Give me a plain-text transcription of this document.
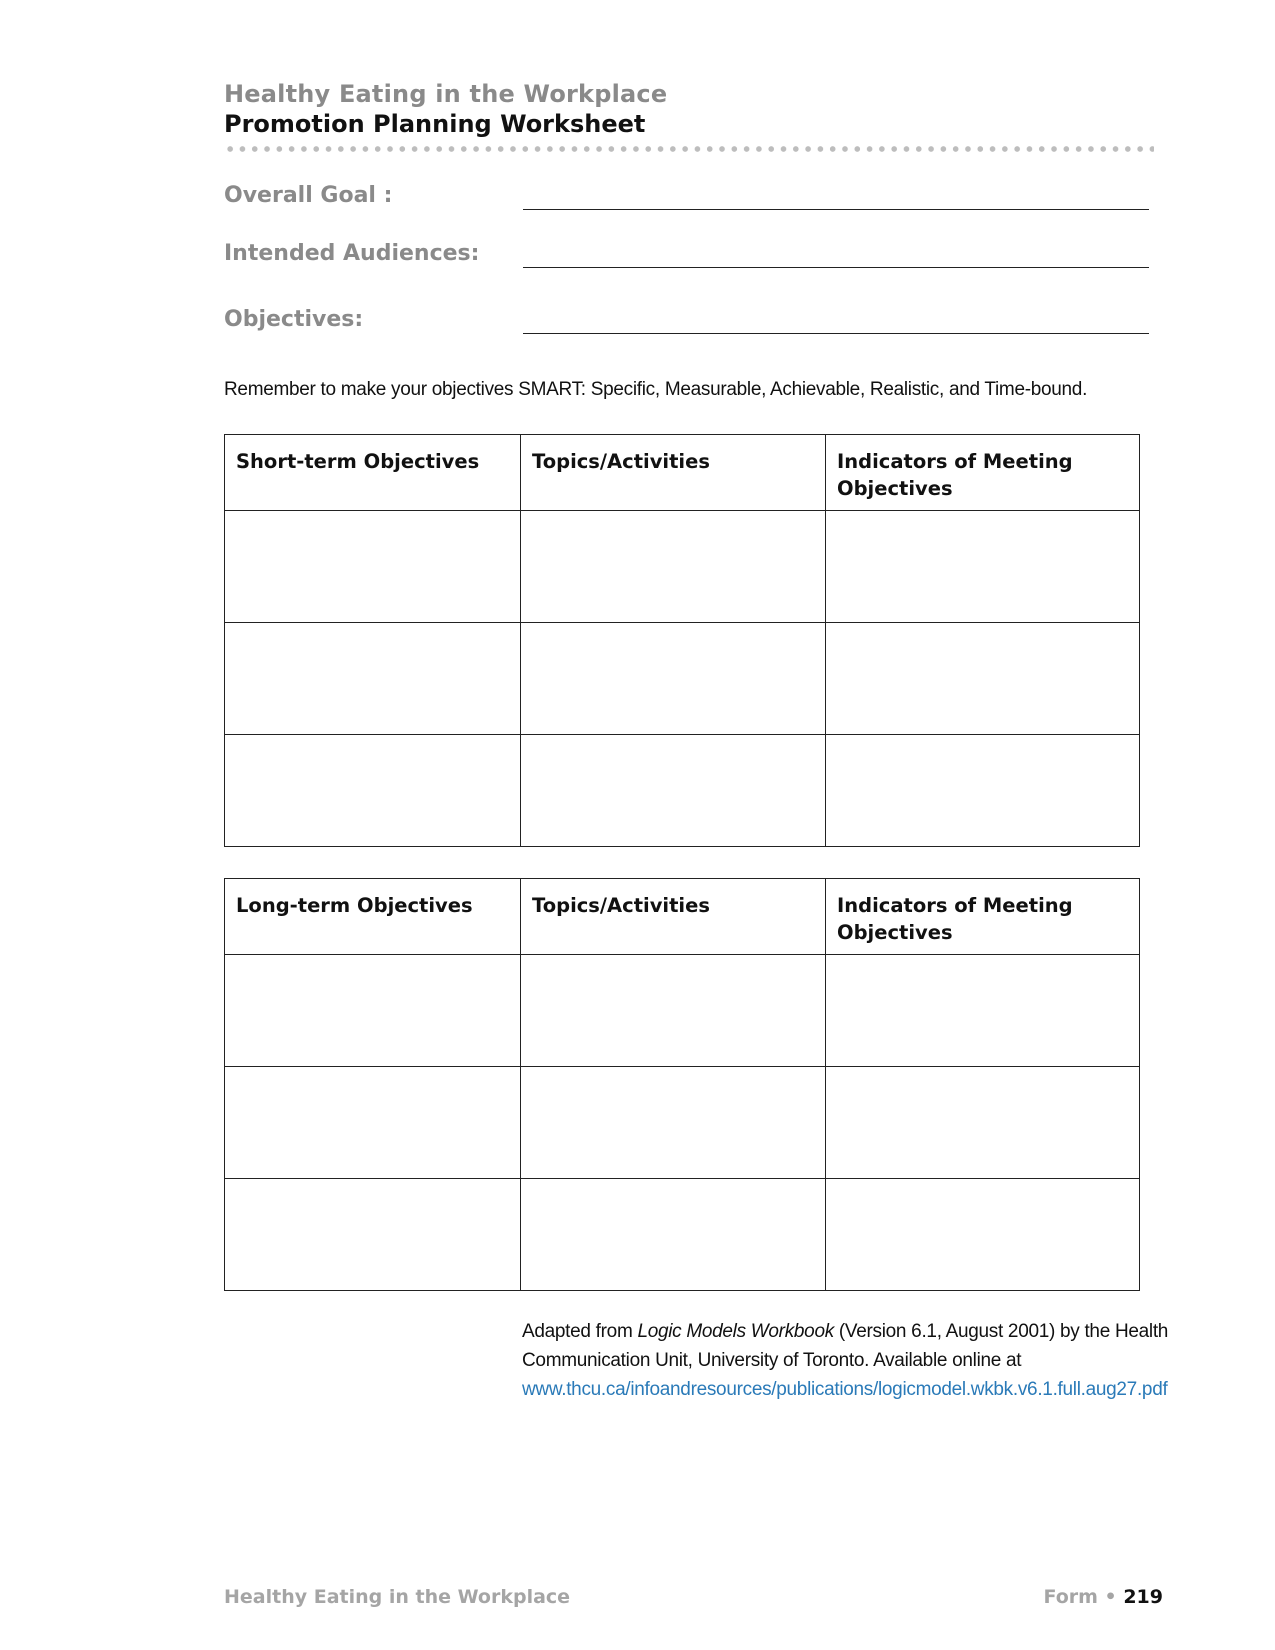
Healthy Eating in the Workplace
Promotion Planning Worksheet
Overall Goal :
Intended Audiences:
Objectives:
Remember to make your objectives SMART: Specific, Measurable, Achievable, Realistic, and Time-bound.
Short-term Objectives	Topics/Activities	Indicators of Meeting Objectives

Long-term Objectives	Topics/Activities	Indicators of Meeting Objectives

Adapted from Logic Models Workbook (Version 6.1, August 2001) by the Health Communication Unit, University of Toronto. Available online at
www.thcu.ca/infoandresources/publications/logicmodel.wkbk.v6.1.full.aug27.pdf
Healthy Eating in the Workplace	Form • 219
